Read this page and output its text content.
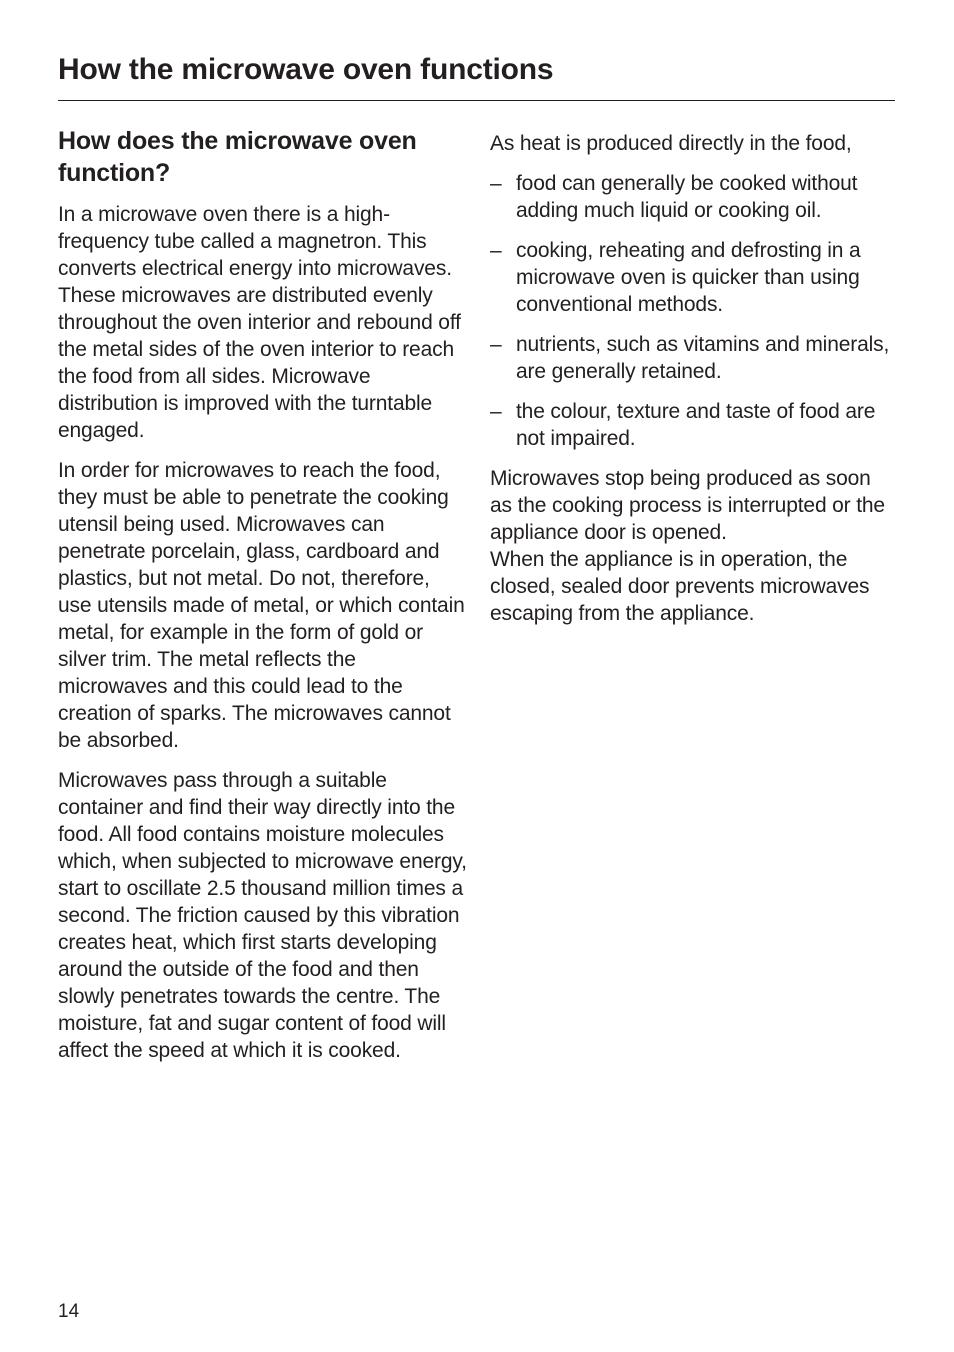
How the microwave oven functions
How does the microwave oven function?

In a microwave oven there is a high-frequency tube called a magnetron. This converts electrical energy into microwaves. These microwaves are distributed evenly throughout the oven interior and rebound off the metal sides of the oven interior to reach the food from all sides. Microwave distribution is improved with the turntable engaged.

In order for microwaves to reach the food, they must be able to penetrate the cooking utensil being used. Microwaves can penetrate porcelain, glass, cardboard and plastics, but not metal. Do not, therefore, use utensils made of metal, or which contain metal, for example in the form of gold or silver trim. The metal reflects the microwaves and this could lead to the creation of sparks. The microwaves cannot be absorbed.

Microwaves pass through a suitable container and find their way directly into the food. All food contains moisture molecules which, when subjected to microwave energy, start to oscillate 2.5 thousand million times a second. The friction caused by this vibration creates heat, which first starts developing around the outside of the food and then slowly penetrates towards the centre. The moisture, fat and sugar content of food will affect the speed at which it is cooked.

As heat is produced directly in the food,

– food can generally be cooked without adding much liquid or cooking oil.
– cooking, reheating and defrosting in a microwave oven is quicker than using conventional methods.
– nutrients, such as vitamins and minerals, are generally retained.
– the colour, texture and taste of food are not impaired.

Microwaves stop being produced as soon as the cooking process is interrupted or the appliance door is opened.

When the appliance is in operation, the closed, sealed door prevents microwaves escaping from the appliance.

14
